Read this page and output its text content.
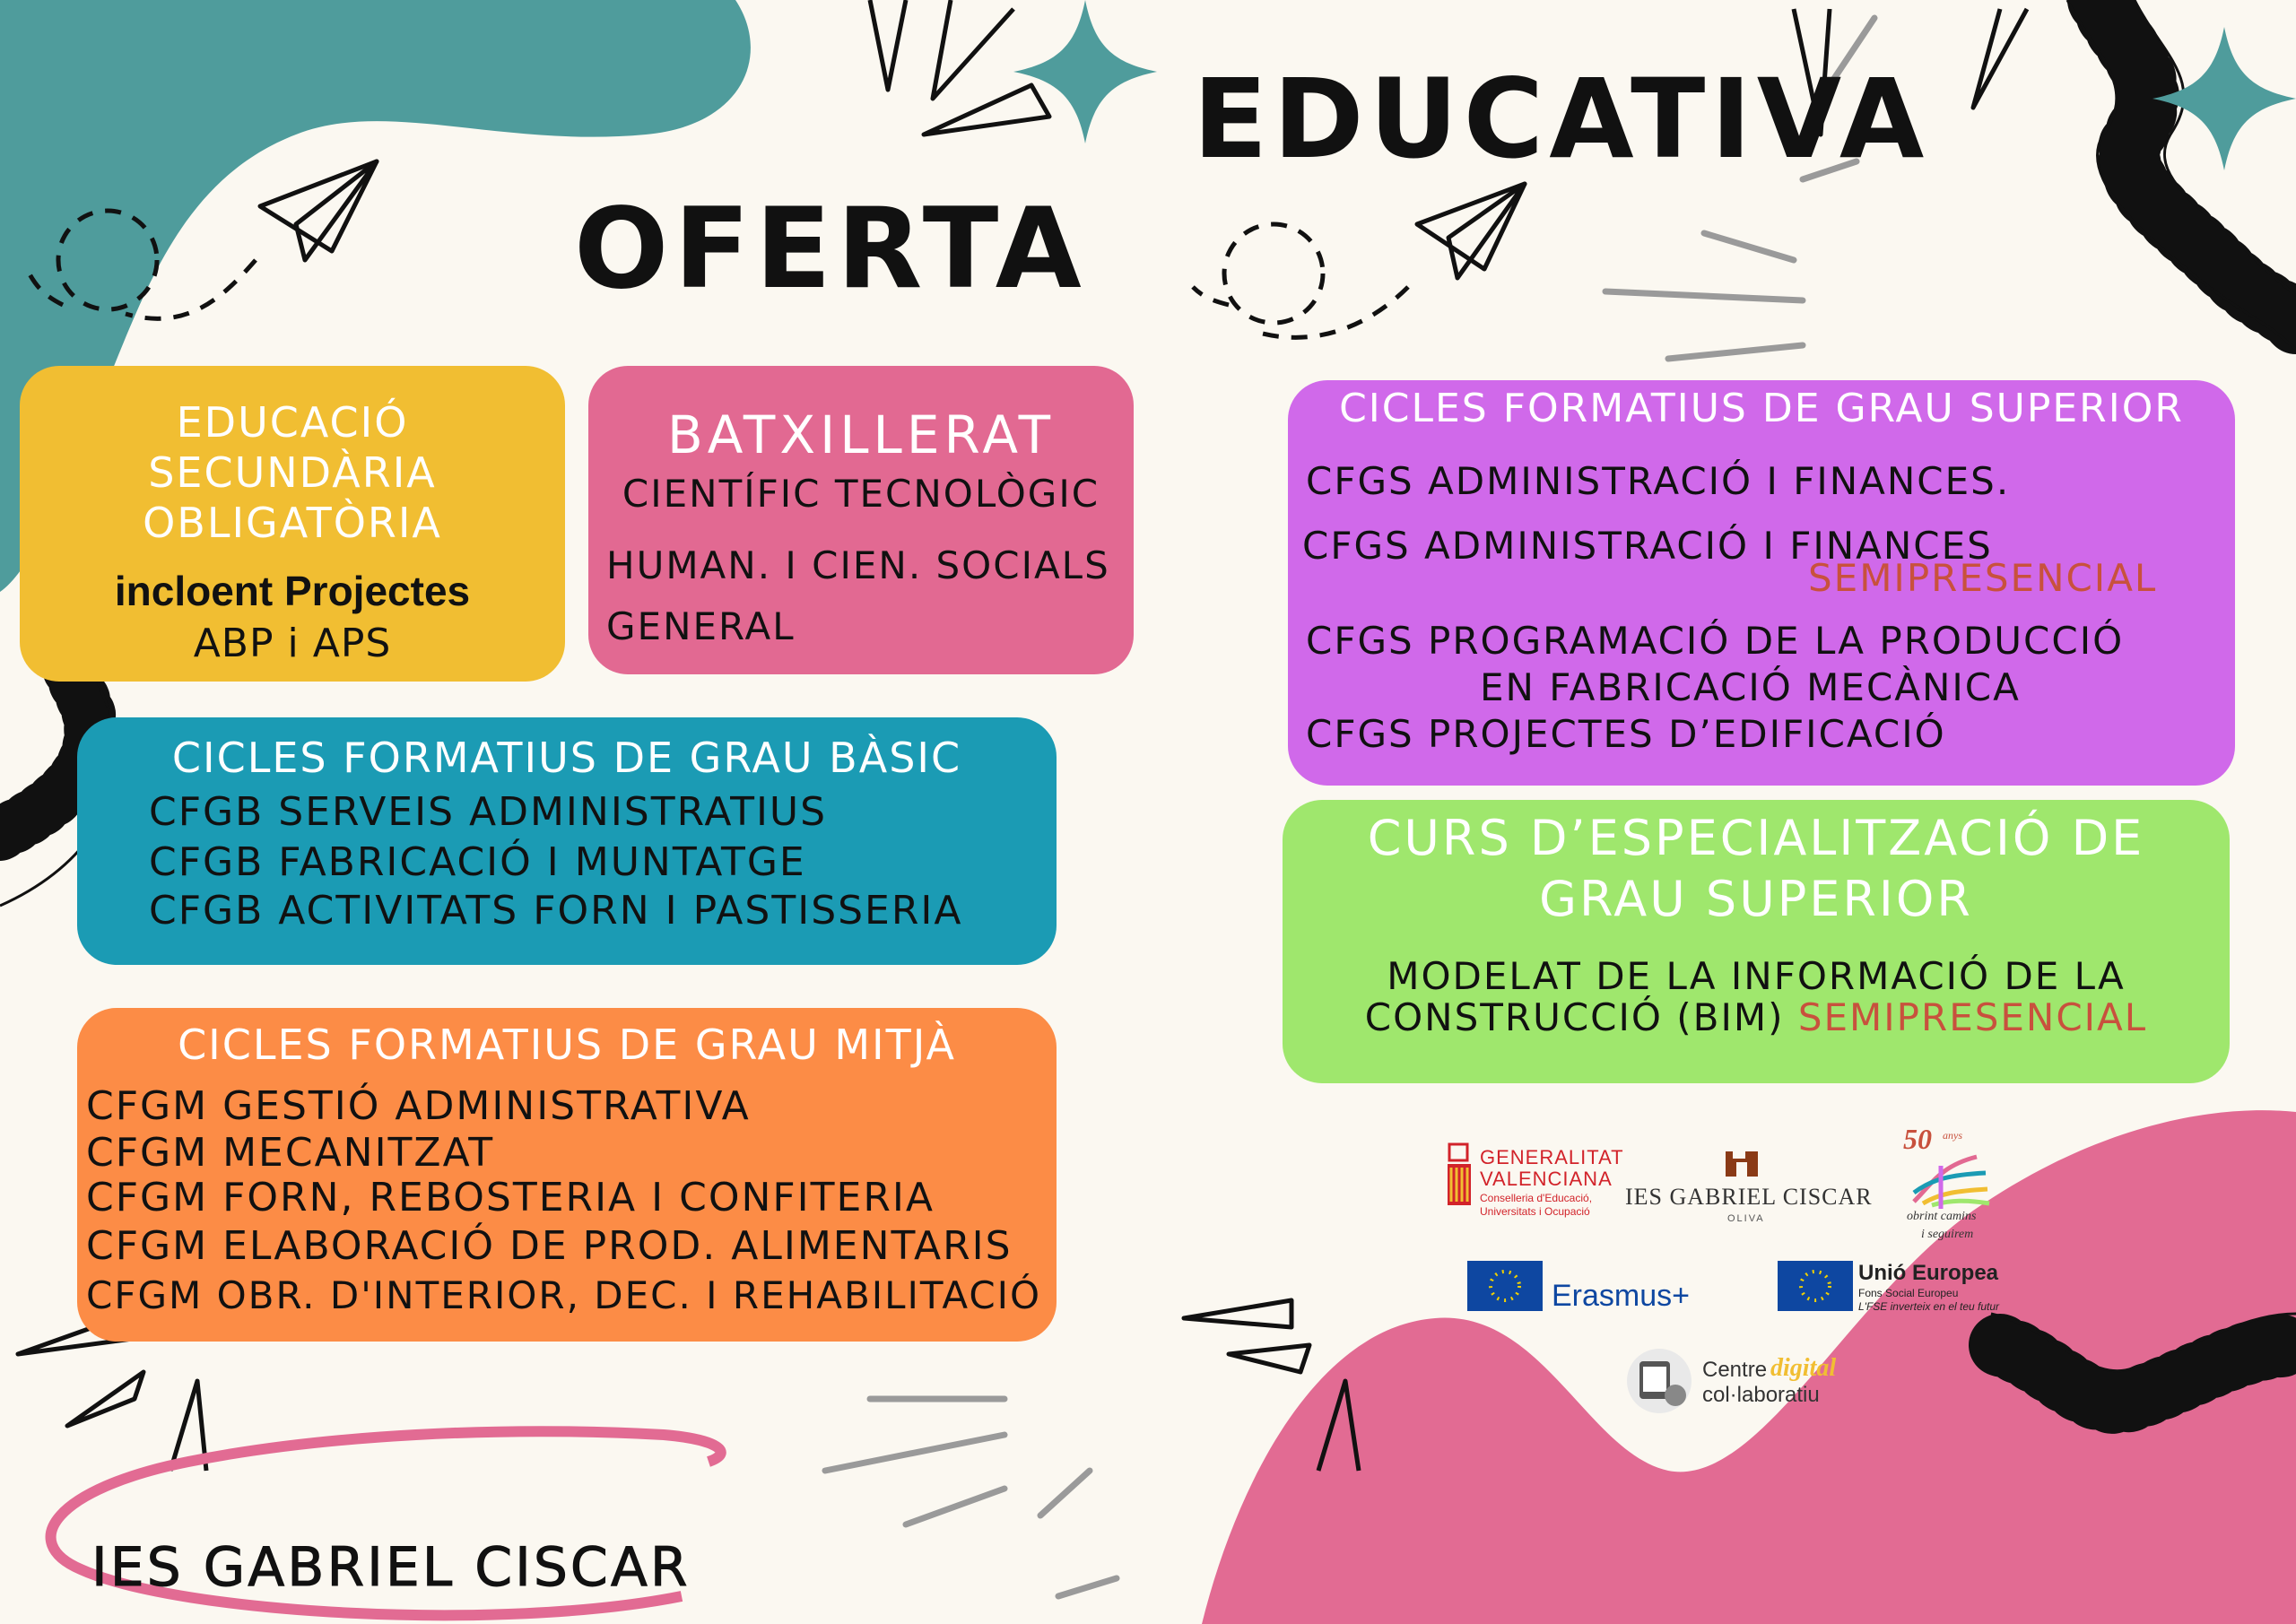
EDUCATIVA
OFERTA
EDUCACIÓ
SECUNDÀRIA
OBLIGATÒRIA
incloent Projectes
ABP i APS
BATXILLERAT
CIENTÍFIC TECNOLÒGIC
HUMAN. I CIEN. SOCIALS
GENERAL
CICLES FORMATIUS DE GRAU BÀSIC
CFGB SERVEIS ADMINISTRATIUS
CFGB FABRICACIÓ I MUNTATGE
CFGB ACTIVITATS FORN I PASTISSERIA
CICLES FORMATIUS DE GRAU MITJÀ
CFGM GESTIÓ ADMINISTRATIVA
CFGM MECANITZAT
CFGM FORN, REBOSTERIA I CONFITERIA
CFGM ELABORACIÓ DE PROD. ALIMENTARIS
CFGM OBR. D'INTERIOR, DEC. I REHABILITACIÓ
CICLES FORMATIUS DE GRAU SUPERIOR
CFGS ADMINISTRACIÓ I FINANCES.
CFGS ADMINISTRACIÓ I FINANCES
SEMIPRESENCIAL
CFGS PROGRAMACIÓ DE LA PRODUCCIÓ
EN FABRICACIÓ MECÀNICA
CFGS PROJECTES D’EDIFICACIÓ
CURS D’ESPECIALITZACIÓ DE
GRAU SUPERIOR
MODELAT DE LA INFORMACIÓ DE LA
CONSTRUCCIÓ (BIM) SEMIPRESENCIAL
IES GABRIEL CISCAR
GENERALITAT
VALENCIANA
Conselleria d'Educació,
Universitats i Ocupació
IES GABRIEL CISCAR
OLIVA
50 anys
obrint camins
i seguirem
Erasmus+
Unió Europea
Fons Social Europeu
L'FSE inverteix en el teu futur
Centre digital
col·laboratiu
